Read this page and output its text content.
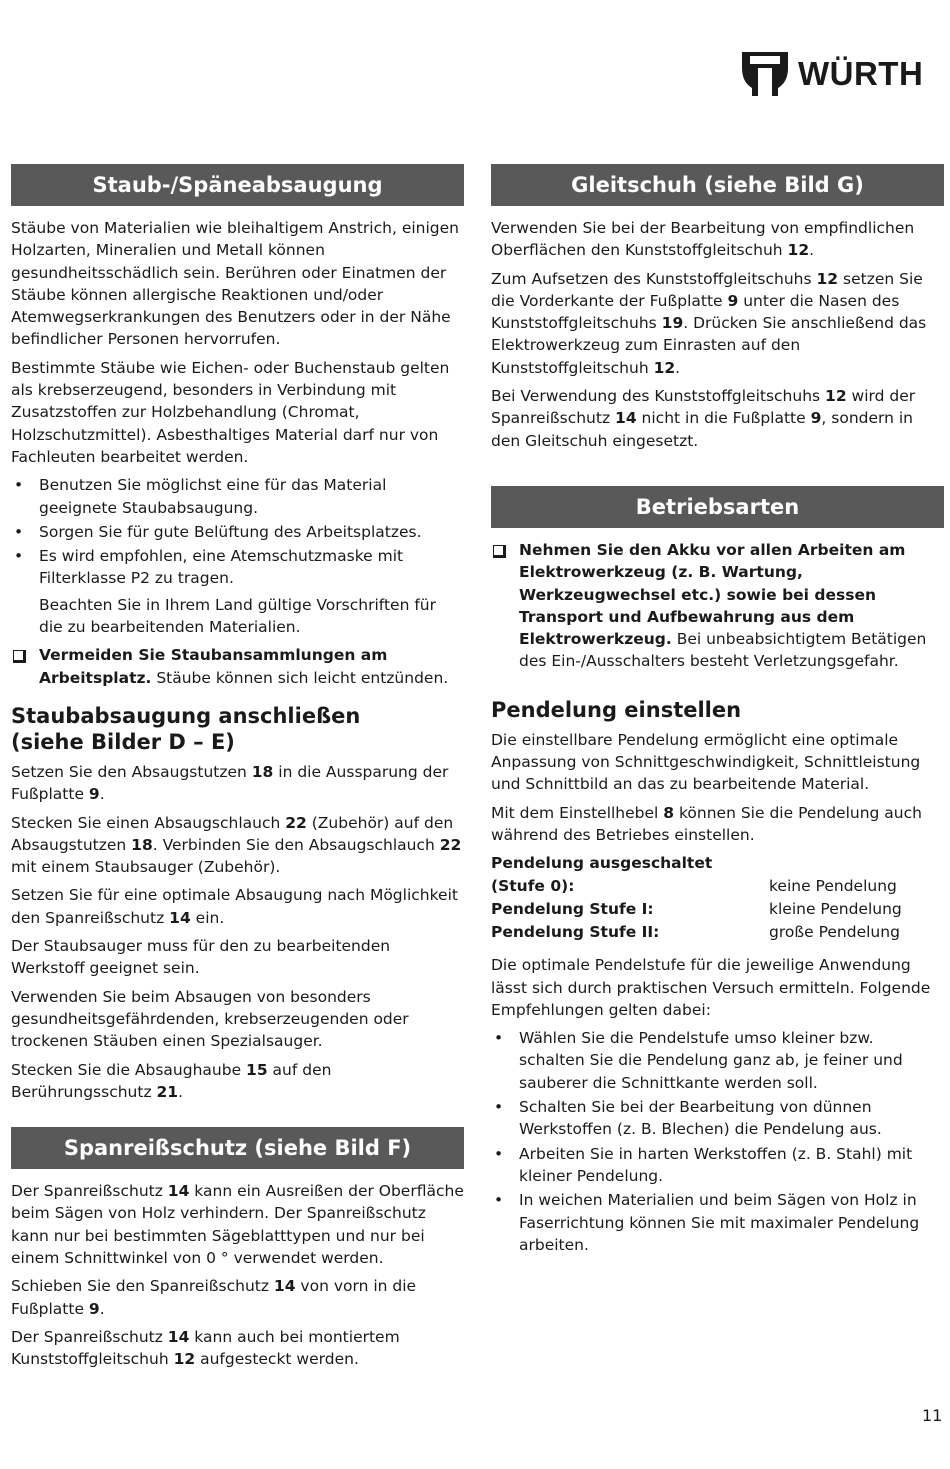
WÜRTH
Staub-/Späneabsaugung

Stäube von Materialien wie bleihaltigem Anstrich, einigen Holzarten, Mineralien und Metall können gesundheitsschädlich sein. Berühren oder Einatmen der Stäube können allergische Reaktionen und/oder Atemwegserkrankungen des Benutzers oder in der Nähe befindlicher Personen hervorrufen.

Bestimmte Stäube wie Eichen- oder Buchenstaub gelten als krebserzeugend, besonders in Verbindung mit Zusatzstoffen zur Holzbehandlung (Chromat, Holzschutzmittel). Asbesthaltiges Material darf nur von Fachleuten bearbeitet werden.

• Benutzen Sie möglichst eine für das Material geeignete Staubabsaugung.
• Sorgen Sie für gute Belüftung des Arbeitsplatzes.
• Es wird empfohlen, eine Atemschutzmaske mit Filterklasse P2 zu tragen.

Beachten Sie in Ihrem Land gültige Vorschriften für die zu bearbeitenden Materialien.

Vermeiden Sie Staubansammlungen am Arbeitsplatz. Stäube können sich leicht entzünden.

Staubabsaugung anschließen
(siehe Bilder D – E)

Setzen Sie den Absaugstutzen 18 in die Aussparung der Fußplatte 9.

Stecken Sie einen Absaugschlauch 22 (Zubehör) auf den Absaugstutzen 18. Verbinden Sie den Absaugschlauch 22 mit einem Staubsauger (Zubehör).

Setzen Sie für eine optimale Absaugung nach Möglichkeit den Spanreißschutz 14 ein.

Der Staubsauger muss für den zu bearbeitenden Werkstoff geeignet sein.

Verwenden Sie beim Absaugen von besonders gesundheitsgefährdenden, krebserzeugenden oder trockenen Stäuben einen Spezialsauger.

Stecken Sie die Absaughaube 15 auf den Berührungsschutz 21.

Spanreißschutz (siehe Bild F)

Der Spanreißschutz 14 kann ein Ausreißen der Oberfläche beim Sägen von Holz verhindern. Der Spanreißschutz kann nur bei bestimmten Sägeblatttypen und nur bei einem Schnittwinkel von 0 ° verwendet werden.

Schieben Sie den Spanreißschutz 14 von vorn in die Fußplatte 9.

Der Spanreißschutz 14 kann auch bei montiertem Kunststoffgleitschuh 12 aufgesteckt werden.

Gleitschuh (siehe Bild G)

Verwenden Sie bei der Bearbeitung von empfindlichen Oberflächen den Kunststoffgleitschuh 12.

Zum Aufsetzen des Kunststoffgleitschuhs 12 setzen Sie die Vorderkante der Fußplatte 9 unter die Nasen des Kunststoffgleitschuhs 19. Drücken Sie anschließend das Elektrowerkzeug zum Einrasten auf den Kunststoffgleitschuh 12.

Bei Verwendung des Kunststoffgleitschuhs 12 wird der Spanreißschutz 14 nicht in die Fußplatte 9, sondern in den Gleitschuh eingesetzt.

Betriebsarten

Nehmen Sie den Akku vor allen Arbeiten am Elektrowerkzeug (z. B. Wartung, Werkzeugwechsel etc.) sowie bei dessen Transport und Aufbewahrung aus dem Elektrowerkzeug. Bei unbeabsichtigtem Betätigen des Ein-/Ausschalters besteht Verletzungsgefahr.

Pendelung einstellen

Die einstellbare Pendelung ermöglicht eine optimale Anpassung von Schnittgeschwindigkeit, Schnittleistung und Schnittbild an das zu bearbeitende Material.

Mit dem Einstellhebel 8 können Sie die Pendelung auch während des Betriebes einstellen.

Pendelung ausgeschaltet
(Stufe 0):	keine Pendelung
Pendelung Stufe I:	kleine Pendelung
Pendelung Stufe II:	große Pendelung

Die optimale Pendelstufe für die jeweilige Anwendung lässt sich durch praktischen Versuch ermitteln. Folgende Empfehlungen gelten dabei:

• Wählen Sie die Pendelstufe umso kleiner bzw. schalten Sie die Pendelung ganz ab, je feiner und sauberer die Schnittkante werden soll.
• Schalten Sie bei der Bearbeitung von dünnen Werkstoffen (z. B. Blechen) die Pendelung aus.
• Arbeiten Sie in harten Werkstoffen (z. B. Stahl) mit kleiner Pendelung.
• In weichen Materialien und beim Sägen von Holz in Faserrichtung können Sie mit maximaler Pendelung arbeiten.
11
